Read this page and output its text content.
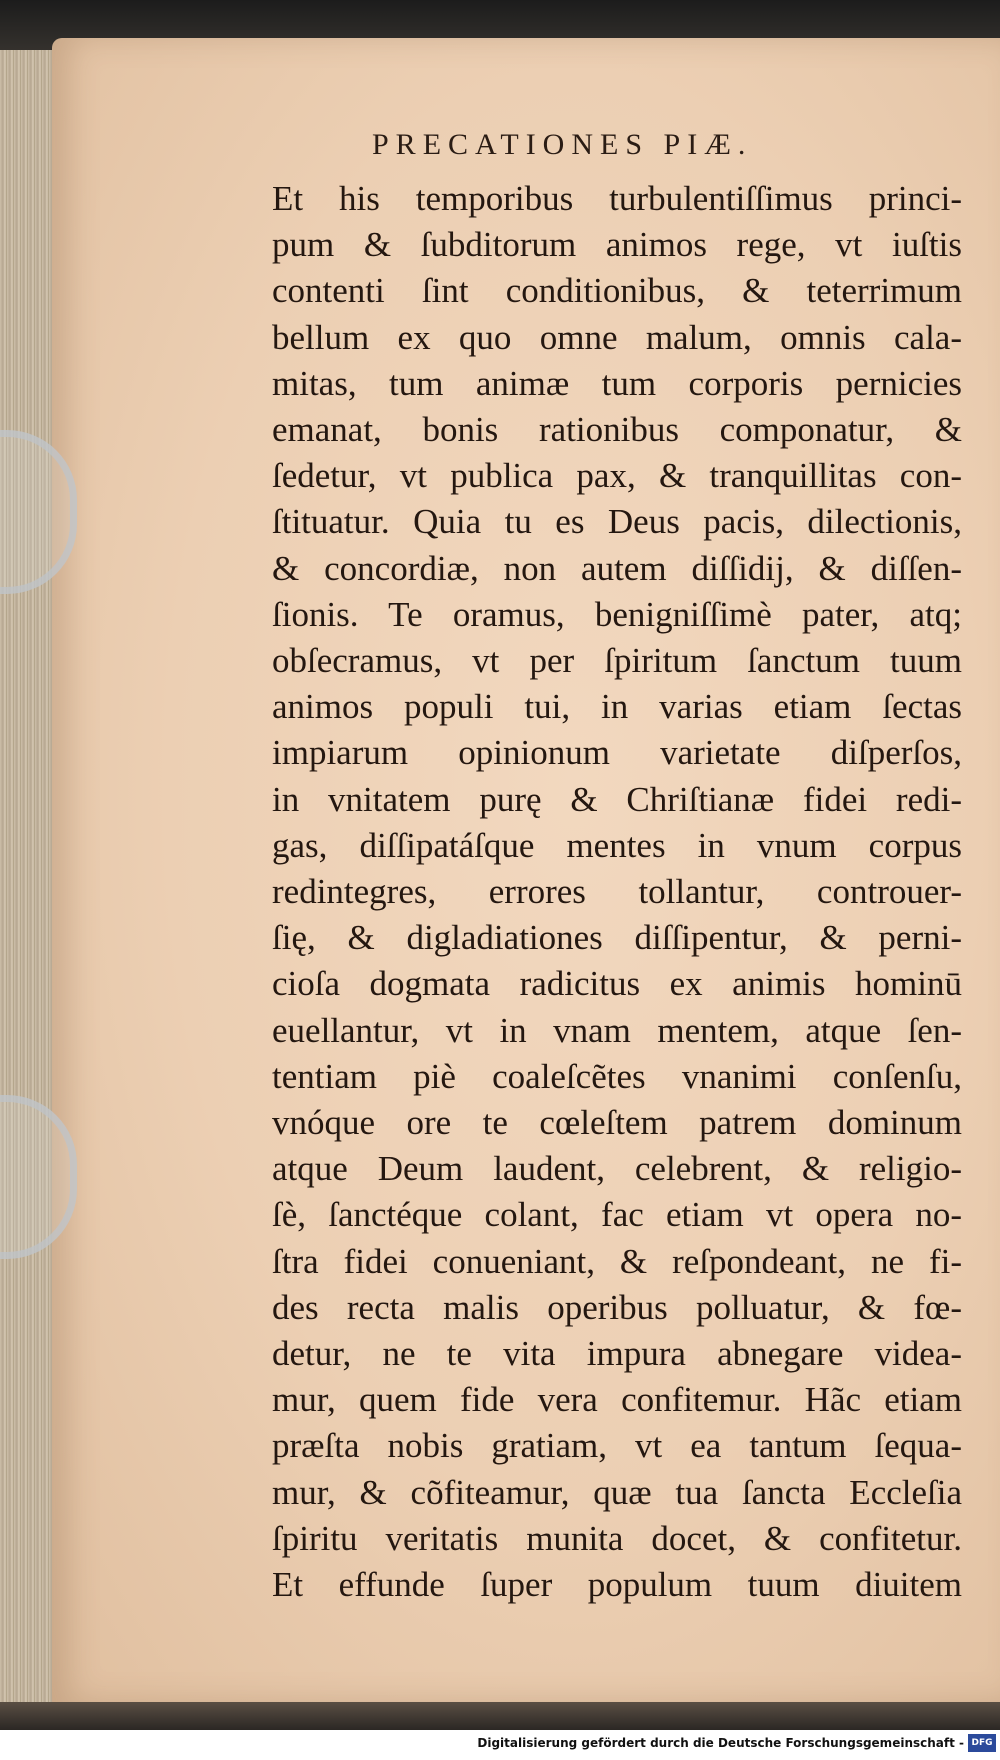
PRECATIONES PIÆ.
Et his temporibus turbulentiſſimus princi-
pum & ſubditorum animos rege, vt iuſtis
contenti ſint conditionibus, & teterrimum
bellum ex quo omne malum, omnis cala-
mitas, tum animæ tum corporis pernicies
emanat, bonis rationibus componatur, &
ſedetur, vt publica pax, & tranquillitas con-
ſtituatur. Quia tu es Deus pacis, dilectionis,
& concordiæ, non autem diſſidij, & diſſen-
ſionis. Te oramus, benigniſſimè pater, atq;
obſecramus, vt per ſpiritum ſanctum tuum
animos populi tui, in varias etiam ſectas
impiarum opinionum varietate diſperſos,
in vnitatem purę & Chriſtianæ fidei redi-
gas, diſſipatáſque mentes in vnum corpus
redintegres, errores tollantur, controuer-
ſię, & digladiationes diſſipentur, & perni-
cioſa dogmata radicitus ex animis hominū
euellantur, vt in vnam mentem, atque ſen-
tentiam piè coaleſcẽtes vnanimi conſenſu,
vnóque ore te cœleſtem patrem dominum
atque Deum laudent, celebrent, & religio-
ſè, ſanctéque colant, fac etiam vt opera no-
ſtra fidei conueniant, & reſpondeant, ne fi-
des recta malis operibus polluatur, & fœ-
detur, ne te vita impura abnegare videa-
mur, quem fide vera confitemur. Hãc etiam
præſta nobis gratiam, vt ea tantum ſequa-
mur, & cõfiteamur, quæ tua ſancta Eccleſia
ſpiritu veritatis munita docet, & confitetur.
Et effunde ſuper populum tuum diuitem
Digitalisierung gefördert durch die Deutsche Forschungsgemeinschaft - DFG
